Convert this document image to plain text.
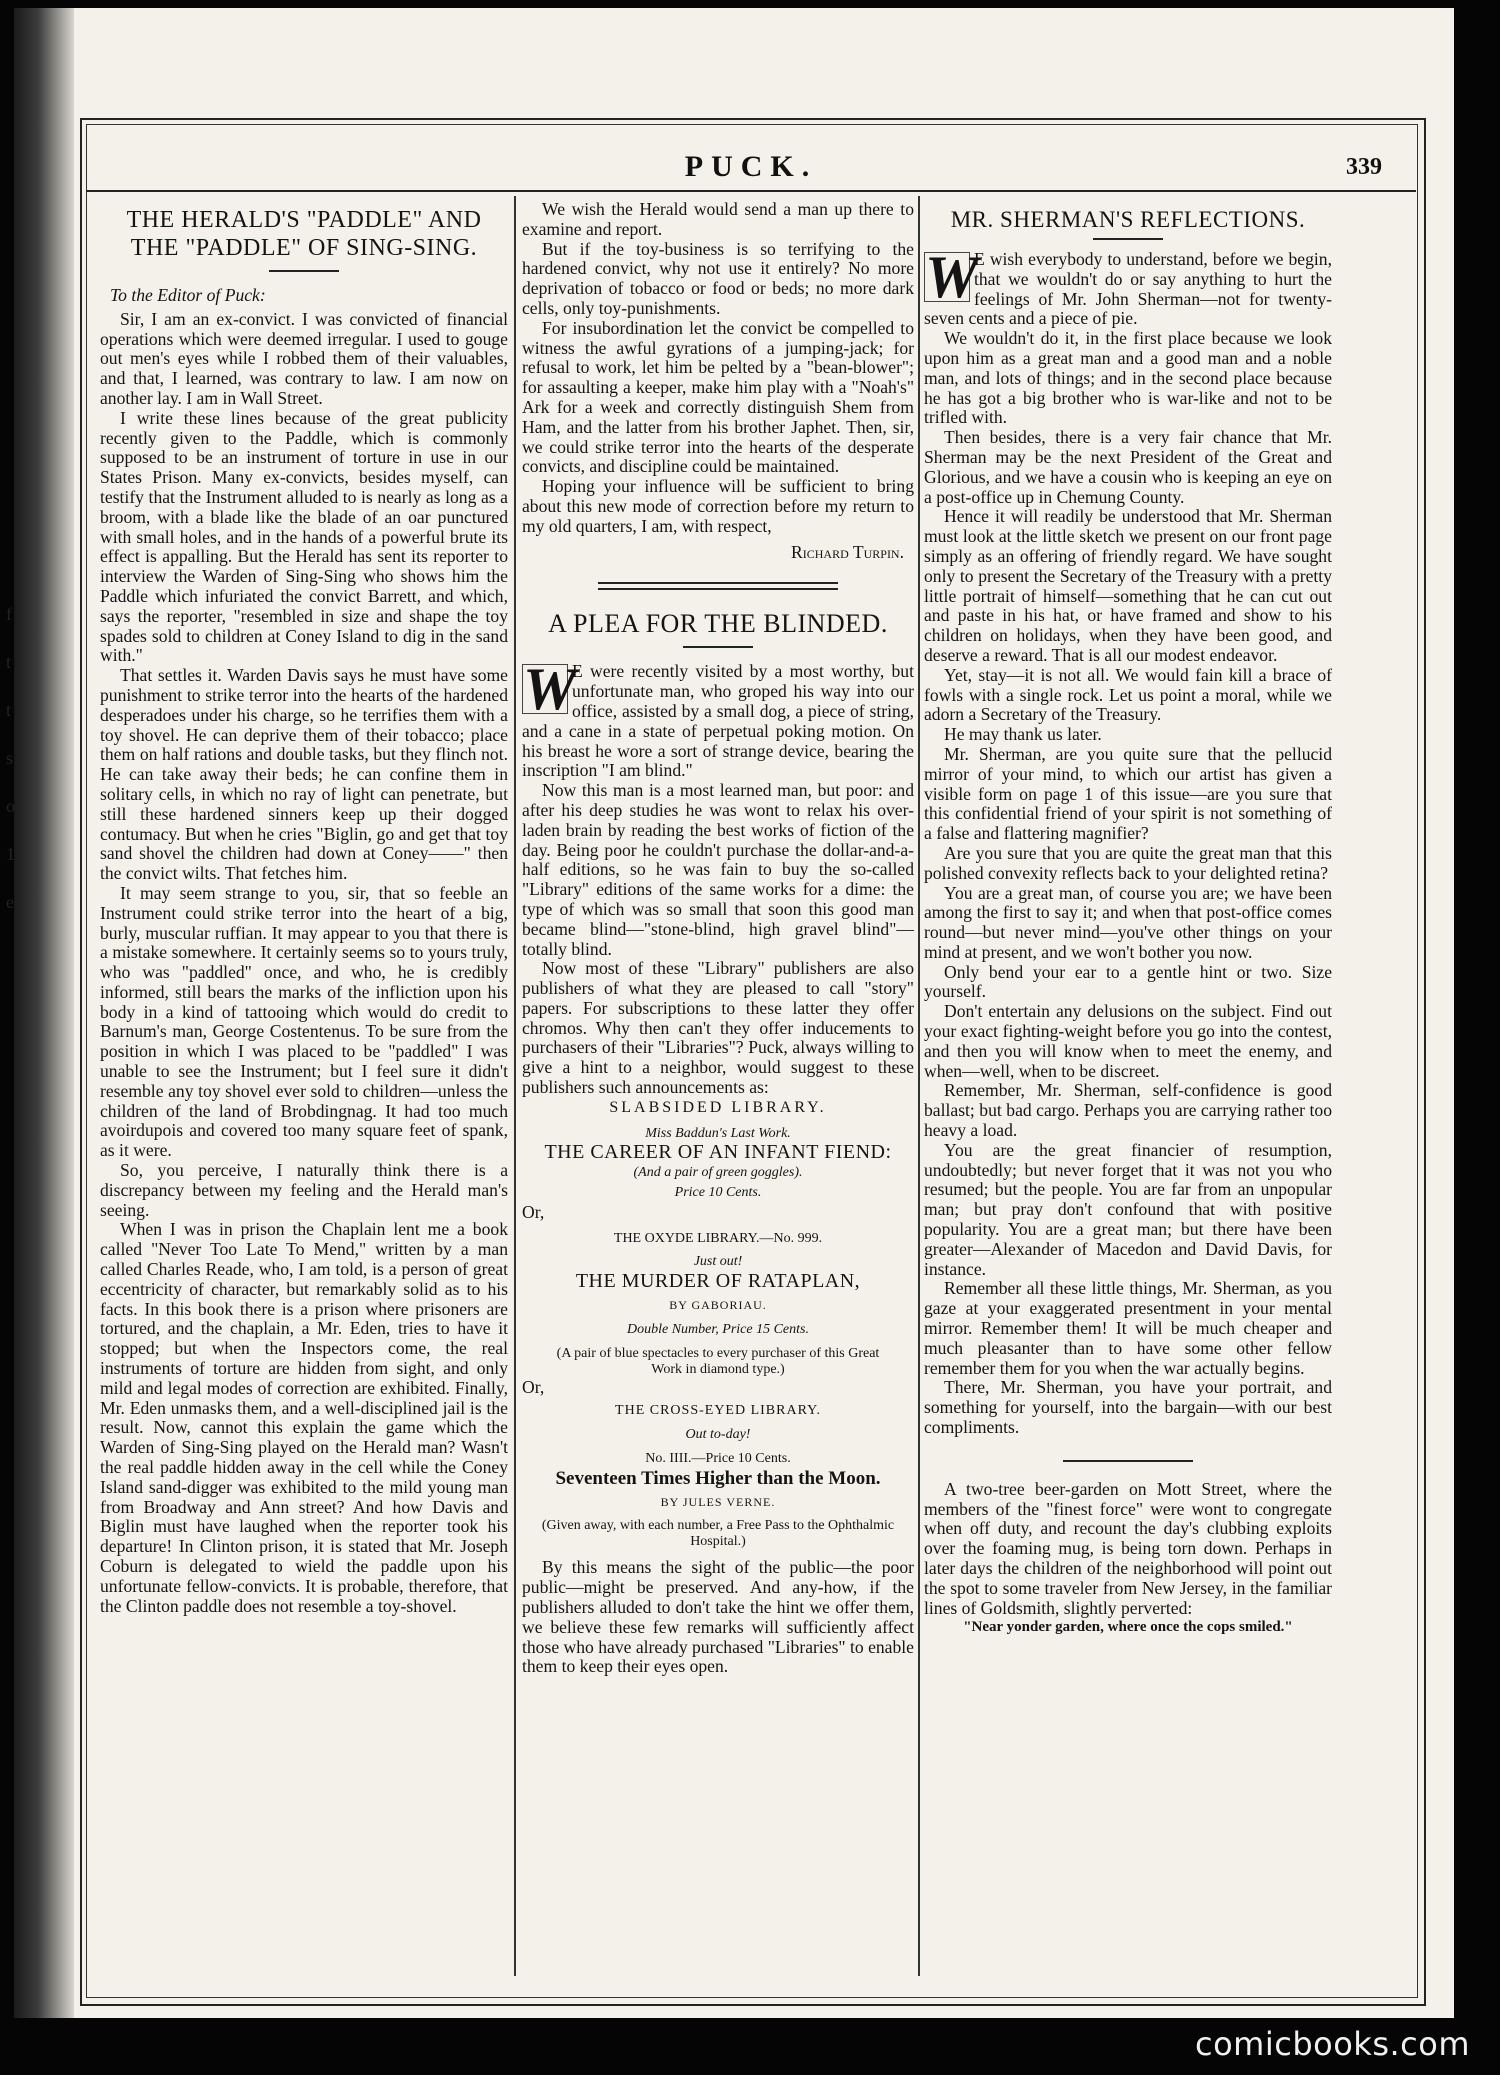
f
t
t
s
o
1
e
PUCK.	339
THE HERALD'S "PADDLE" AND THE "PADDLE" OF SING-SING.
To the Editor of Puck:

Sir, I am an ex-convict. I was convicted of financial operations which were deemed irregular. I used to gouge out men's eyes while I robbed them of their valuables, and that, I learned, was contrary to law. I am now on another lay. I am in Wall Street.

I write these lines because of the great publicity recently given to the Paddle, which is commonly supposed to be an instrument of torture in use in our States Prison. Many ex-convicts, besides myself, can testify that the Instrument alluded to is nearly as long as a broom, with a blade like the blade of an oar punctured with small holes, and in the hands of a powerful brute its effect is appalling. But the Herald has sent its reporter to interview the Warden of Sing-Sing who shows him the Paddle which infuriated the convict Barrett, and which, says the reporter, "resembled in size and shape the toy spades sold to children at Coney Island to dig in the sand with."

That settles it. Warden Davis says he must have some punishment to strike terror into the hearts of the hardened desperadoes under his charge, so he terrifies them with a toy shovel. He can deprive them of their tobacco; place them on half rations and double tasks, but they flinch not. He can take away their beds; he can confine them in solitary cells, in which no ray of light can penetrate, but still these hardened sinners keep up their dogged contumacy. But when he cries "Biglin, go and get that toy sand shovel the children had down at Coney——" then the convict wilts. That fetches him.

It may seem strange to you, sir, that so feeble an Instrument could strike terror into the heart of a big, burly, muscular ruffian. It may appear to you that there is a mistake somewhere. It certainly seems so to yours truly, who was "paddled" once, and who, he is credibly informed, still bears the marks of the infliction upon his body in a kind of tattooing which would do credit to Barnum's man, George Costentenus. To be sure from the position in which I was placed to be "paddled" I was unable to see the Instrument; but I feel sure it didn't resemble any toy shovel ever sold to children—unless the children of the land of Brobdingnag. It had too much avoirdupois and covered too many square feet of spank, as it were.

So, you perceive, I naturally think there is a discrepancy between my feeling and the Herald man's seeing.

When I was in prison the Chaplain lent me a book called "Never Too Late To Mend," written by a man called Charles Reade, who, I am told, is a person of great eccentricity of character, but remarkably solid as to his facts. In this book there is a prison where prisoners are tortured, and the chaplain, a Mr. Eden, tries to have it stopped; but when the Inspectors come, the real instruments of torture are hidden from sight, and only mild and legal modes of correction are exhibited. Finally, Mr. Eden unmasks them, and a well-disciplined jail is the result. Now, cannot this explain the game which the Warden of Sing-Sing played on the Herald man? Wasn't the real paddle hidden away in the cell while the Coney Island sand-digger was exhibited to the mild young man from Broadway and Ann street? And how Davis and Biglin must have laughed when the reporter took his departure! In Clinton prison, it is stated that Mr. Joseph Coburn is delegated to wield the paddle upon his unfortunate fellow-convicts. It is probable, therefore, that the Clinton paddle does not resemble a toy-shovel.

We wish the Herald would send a man up there to examine and report.

But if the toy-business is so terrifying to the hardened convict, why not use it entirely? No more deprivation of tobacco or food or beds; no more dark cells, only toy-punishments.

For insubordination let the convict be compelled to witness the awful gyrations of a jumping-jack; for refusal to work, let him be pelted by a "bean-blower"; for assaulting a keeper, make him play with a "Noah's" Ark for a week and correctly distinguish Shem from Ham, and the latter from his brother Japhet. Then, sir, we could strike terror into the hearts of the desperate convicts, and discipline could be maintained.

Hoping your influence will be sufficient to bring about this new mode of correction before my return to my old quarters, I am, with respect,

Richard Turpin.
A PLEA FOR THE BLINDED.

W
E were recently visited by a most worthy, but unfortunate man, who groped his way into our office, assisted by a small dog, a piece of string, and a cane in a state of perpetual poking motion. On his breast he wore a sort of strange device, bearing the inscription "I am blind."

Now this man is a most learned man, but poor: and after his deep studies he was wont to relax his over-laden brain by reading the best works of fiction of the day. Being poor he couldn't purchase the dollar-and-a-half editions, so he was fain to buy the so-called "Library" editions of the same works for a dime: the type of which was so small that soon this good man became blind—"stone-blind, high gravel blind"—totally blind.

Now most of these "Library" publishers are also publishers of what they are pleased to call "story" papers. For subscriptions to these latter they offer chromos. Why then can't they offer inducements to purchasers of their "Libraries"? Puck, always willing to give a hint to a neighbor, would suggest to these publishers such announcements as:

SLABSIDED LIBRARY.

Miss Baddun's Last Work.

THE CAREER OF AN INFANT FIEND:

(And a pair of green goggles).

Price 10 Cents.

Or,

THE OXYDE LIBRARY.—No. 999.

Just out!

THE MURDER OF RATAPLAN,

BY GABORIAU.

Double Number, Price 15 Cents.

(A pair of blue spectacles to every purchaser of this Great Work in diamond type.)

Or,

THE CROSS-EYED LIBRARY.

Out to-day!

No. IIII.—Price 10 Cents.

Seventeen Times Higher than the Moon.

BY JULES VERNE.

(Given away, with each number, a Free Pass to the Ophthalmic Hospital.)

By this means the sight of the public—the poor public—might be preserved. And any-how, if the publishers alluded to don't take the hint we offer them, we believe these few remarks will sufficiently affect those who have already purchased "Libraries" to enable them to keep their eyes open.

MR. SHERMAN'S REFLECTIONS.

W
E wish everybody to understand, before we begin, that we wouldn't do or say anything to hurt the feelings of Mr. John Sherman—not for twenty-seven cents and a piece of pie.

We wouldn't do it, in the first place because we look upon him as a great man and a good man and a noble man, and lots of things; and in the second place because he has got a big brother who is war-like and not to be trifled with.

Then besides, there is a very fair chance that Mr. Sherman may be the next President of the Great and Glorious, and we have a cousin who is keeping an eye on a post-office up in Chemung County.

Hence it will readily be understood that Mr. Sherman must look at the little sketch we present on our front page simply as an offering of friendly regard. We have sought only to present the Secretary of the Treasury with a pretty little portrait of himself—something that he can cut out and paste in his hat, or have framed and show to his children on holidays, when they have been good, and deserve a reward. That is all our modest endeavor.

Yet, stay—it is not all. We would fain kill a brace of fowls with a single rock. Let us point a moral, while we adorn a Secretary of the Treasury.

He may thank us later.

Mr. Sherman, are you quite sure that the pellucid mirror of your mind, to which our artist has given a visible form on page 1 of this issue—are you sure that this confidential friend of your spirit is not something of a false and flattering magnifier?

Are you sure that you are quite the great man that this polished convexity reflects back to your delighted retina?

You are a great man, of course you are; we have been among the first to say it; and when that post-office comes round—but never mind—you've other things on your mind at present, and we won't bother you now.

Only bend your ear to a gentle hint or two. Size yourself.

Don't entertain any delusions on the subject. Find out your exact fighting-weight before you go into the contest, and then you will know when to meet the enemy, and when—well, when to be discreet.

Remember, Mr. Sherman, self-confidence is good ballast; but bad cargo. Perhaps you are carrying rather too heavy a load.

You are the great financier of resumption, undoubtedly; but never forget that it was not you who resumed; but the people. You are far from an unpopular man; but pray don't confound that with positive popularity. You are a great man; but there have been greater—Alexander of Macedon and David Davis, for instance.

Remember all these little things, Mr. Sherman, as you gaze at your exaggerated presentment in your mental mirror. Remember them! It will be much cheaper and much pleasanter than to have some other fellow remember them for you when the war actually begins.

There, Mr. Sherman, you have your portrait, and something for yourself, into the bargain—with our best compliments.

A two-tree beer-garden on Mott Street, where the members of the "finest force" were wont to congregate when off duty, and recount the day's clubbing exploits over the foaming mug, is being torn down. Perhaps in later days the children of the neighborhood will point out the spot to some traveler from New Jersey, in the familiar lines of Goldsmith, slightly perverted:

"Near yonder garden, where once the cops smiled."

comicbooks.com
